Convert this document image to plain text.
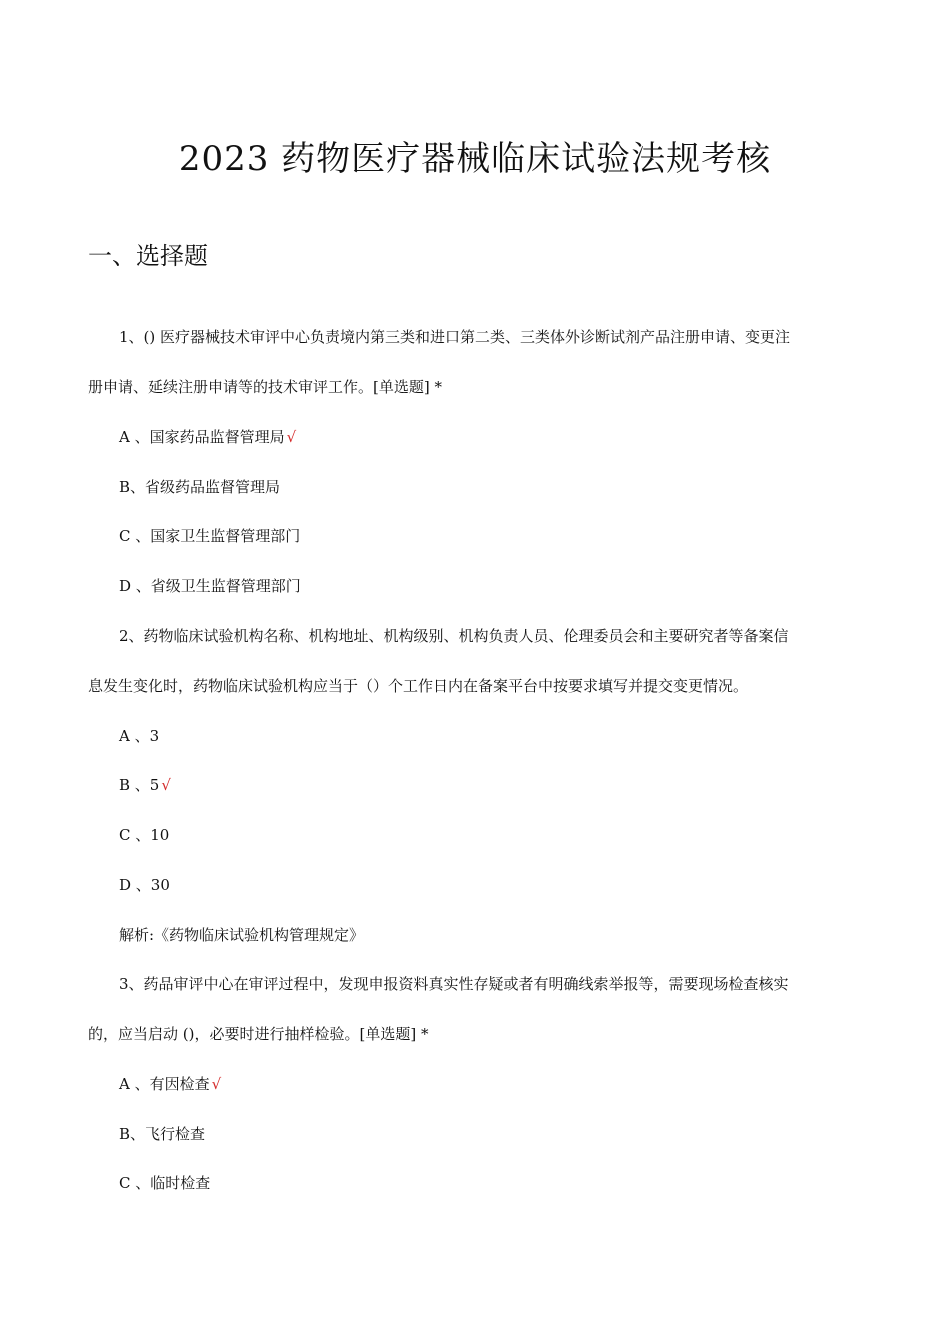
2023 药物医疗器械临床试验法规考核
一、选择题
1、() 医疗器械技术审评中心负责境内第三类和进口第二类、三类体外诊断试剂产品注册申请、变更注
册申请、延续注册申请等的技术审评工作。[单选题] *
A 、国家药品监督管理局 √
B、省级药品监督管理局
C 、国家卫生监督管理部门
D 、省级卫生监督管理部门
2、药物临床试验机构名称、机构地址、机构级别、机构负责人员、伦理委员会和主要研究者等备案信
息发生变化时，药物临床试验机构应当于（）个工作日内在备案平台中按要求填写并提交变更情况。
A 、3
B 、5 √
C 、10
D 、30
解析:《药物临床试验机构管理规定》
3、药品审评中心在审评过程中，发现申报资料真实性存疑或者有明确线索举报等，需要现场检查核实
的，应当启动 ()，必要时进行抽样检验。[单选题] *
A 、有因检查 √
B、飞行检查
C 、临时检查
